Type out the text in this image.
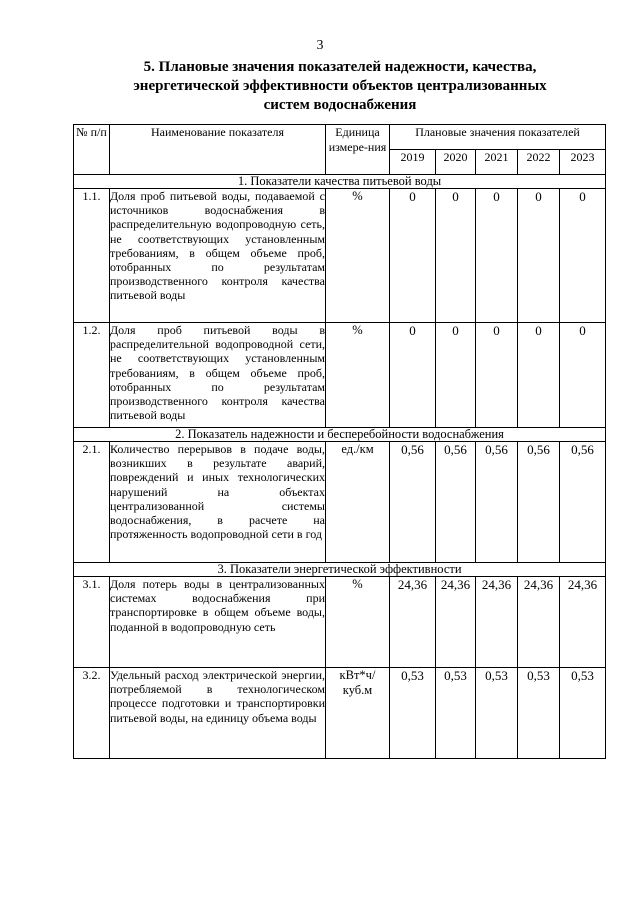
3
5. Плановые значения показателей надежности, качества,
энергетической эффективности объектов централизованных
систем водоснабжения
№ п/п	Наименование показателя	Единица измере-ния	Плановые значения показателей				
			2019	2020	2021	2022	2023
1. Показатели качества питьевой воды							
1.1.	Доля проб питьевой воды, подаваемой с источников водоснабжения в распределительную водопроводную сеть, не соответствующих установленным требованиям, в общем объеме проб, отобранных по результатам производственного контроля качества питьевой воды	%	0	0	0	0	0
1.2.	Доля проб питьевой воды в распределительной водопроводной сети, не соответствующих установленным требованиям, в общем объеме проб, отобранных по результатам производственного контроля качества питьевой воды	%	0	0	0	0	0
2. Показатель надежности и бесперебойности водоснабжения							
2.1.	Количество перерывов в подаче воды, возникших в результате аварий, повреждений и иных технологических нарушений на объектах централизованной системы водоснабжения, в расчете на протяженность водопроводной сети в год	ед./км	0,56	0,56	0,56	0,56	0,56
3. Показатели энергетической эффективности							
3.1.	Доля потерь воды в централизованных системах водоснабжения при транспортировке в общем объеме воды, поданной в водопроводную сеть	%	24,36	24,36	24,36	24,36	24,36
3.2.	Удельный расход электрической энергии, потребляемой в технологическом процессе подготовки и транспортировки питьевой воды, на единицу объема воды	кВт*ч/куб.м	0,53	0,53	0,53	0,53	0,53
